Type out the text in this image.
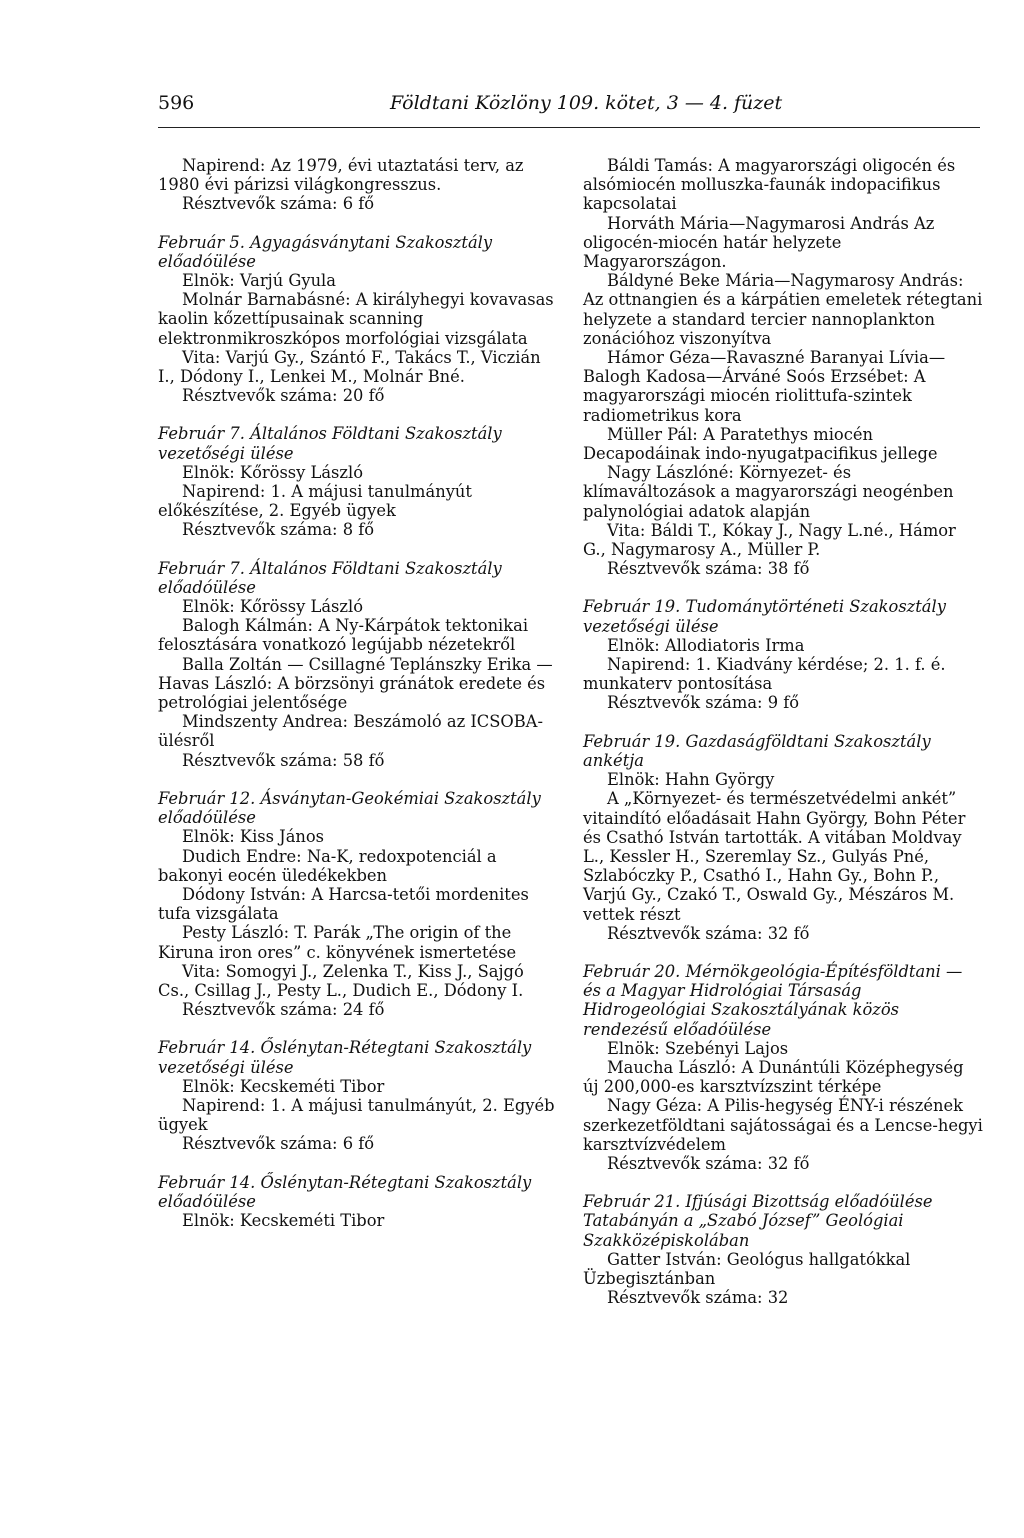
596	Földtani Közlöny 109. kötet, 3 — 4. füzet

Napirend: Az 1979, évi utaztatási terv, az 1980 évi párizsi világkongresszus.

Résztvevők száma: 6 fő

Február 5. Agyagásványtani Szakosztály előadóülése

Elnök: Varjú Gyula

Molnár Barnabásné: A királyhegyi kovavasas kaolin kőzettípusainak scanning elektronmikroszkópos morfológiai vizsgálata

Vita: Varjú Gy., Szántó F., Takács T., Viczián I., Dódony I., Lenkei M., Molnár Bné.

Résztvevők száma: 20 fő

Február 7. Általános Földtani Szakosztály vezetőségi ülése

Elnök: Kőrössy László

Napirend: 1. A májusi tanulmányút előkészítése, 2. Egyéb ügyek

Résztvevők száma: 8 fő

Február 7. Általános Földtani Szakosztály előadóülése

Elnök: Kőrössy László

Balogh Kálmán: A Ny-Kárpátok tektonikai felosztására vonatkozó legújabb nézetekről

Balla Zoltán — Csillagné Teplánszky Erika — Havas László: A börzsönyi gránátok eredete és petrológiai jelentősége

Mindszenty Andrea: Beszámoló az ICSOBA-ülésről

Résztvevők száma: 58 fő

Február 12. Ásványtan-Geokémiai Szakosztály előadóülése

Elnök: Kiss János

Dudich Endre: Na-K, redoxpotenciál a bakonyi eocén üledékekben

Dódony István: A Harcsa-tetői mordenites tufa vizsgálata

Pesty László: T. Parák „The origin of the Kiruna iron ores” c. könyvének ismertetése

Vita: Somogyi J., Zelenka T., Kiss J., Sajgó Cs., Csillag J., Pesty L., Dudich E., Dódony I.

Résztvevők száma: 24 fő

Február 14. Őslénytan-Rétegtani Szakosztály vezetőségi ülése

Elnök: Kecskeméti Tibor

Napirend: 1. A májusi tanulmányút, 2. Egyéb ügyek

Résztvevők száma: 6 fő

Február 14. Őslénytan-Rétegtani Szakosztály előadóülése

Elnök: Kecskeméti Tibor

Báldi Tamás: A magyarországi oligocén és alsómiocén molluszka-faunák indopacifikus kapcsolatai

Horváth Mária—Nagymarosi András Az oligocén-miocén határ helyzete Magyarországon.

Báldyné Beke Mária—Nagymarosy András: Az ottnangien és a kárpátien emeletek rétegtani helyzete a standard tercier nannoplankton zonációhoz viszonyítva

Hámor Géza—Ravaszné Baranyai Lívia—Balogh Kadosa—Árváné Soós Erzsébet: A magyarországi miocén riolittufa-szintek radiometrikus kora

Müller Pál: A Paratethys miocén Decapodáinak indo-nyugatpacifikus jellege

Nagy Lászlóné: Környezet- és klímaváltozások a magyarországi neogénben palynológiai adatok alapján

Vita: Báldi T., Kókay J., Nagy L.né., Hámor G., Nagymarosy A., Müller P.

Résztvevők száma: 38 fő

Február 19. Tudománytörténeti Szakosztály vezetőségi ülése

Elnök: Allodiatoris Irma

Napirend: 1. Kiadvány kérdése; 2. 1. f. é. munkaterv pontosítása

Résztvevők száma: 9 fő

Február 19. Gazdaságföldtani Szakosztály ankétja

Elnök: Hahn György

A „Környezet- és természetvédelmi ankét” vitaindító előadásait Hahn György, Bohn Péter és Csathó István tartották. A vitában Moldvay L., Kessler H., Szeremlay Sz., Gulyás Pné, Szlabóczky P., Csathó I., Hahn Gy., Bohn P., Varjú Gy., Czakó T., Oswald Gy., Mészáros M. vettek részt

Résztvevők száma: 32 fő

Február 20. Mérnökgeológia-Építésföldtani — és a Magyar Hidrológiai Társaság Hidrogeológiai Szakosztályának közös rendezésű előadóülése

Elnök: Szebényi Lajos

Maucha László: A Dunántúli Középhegység új 200,000-es karsztvízszint térképe

Nagy Géza: A Pilis-hegység ÉNY-i részének szerkezetföldtani sajátosságai és a Lencse-hegyi karsztvízvédelem

Résztvevők száma: 32 fő

Február 21. Ifjúsági Bizottság előadóülése Tatabányán a „Szabó József” Geológiai Szakközépiskolában

Gatter István: Geológus hallgatókkal Üzbegisztánban

Résztvevők száma: 32
